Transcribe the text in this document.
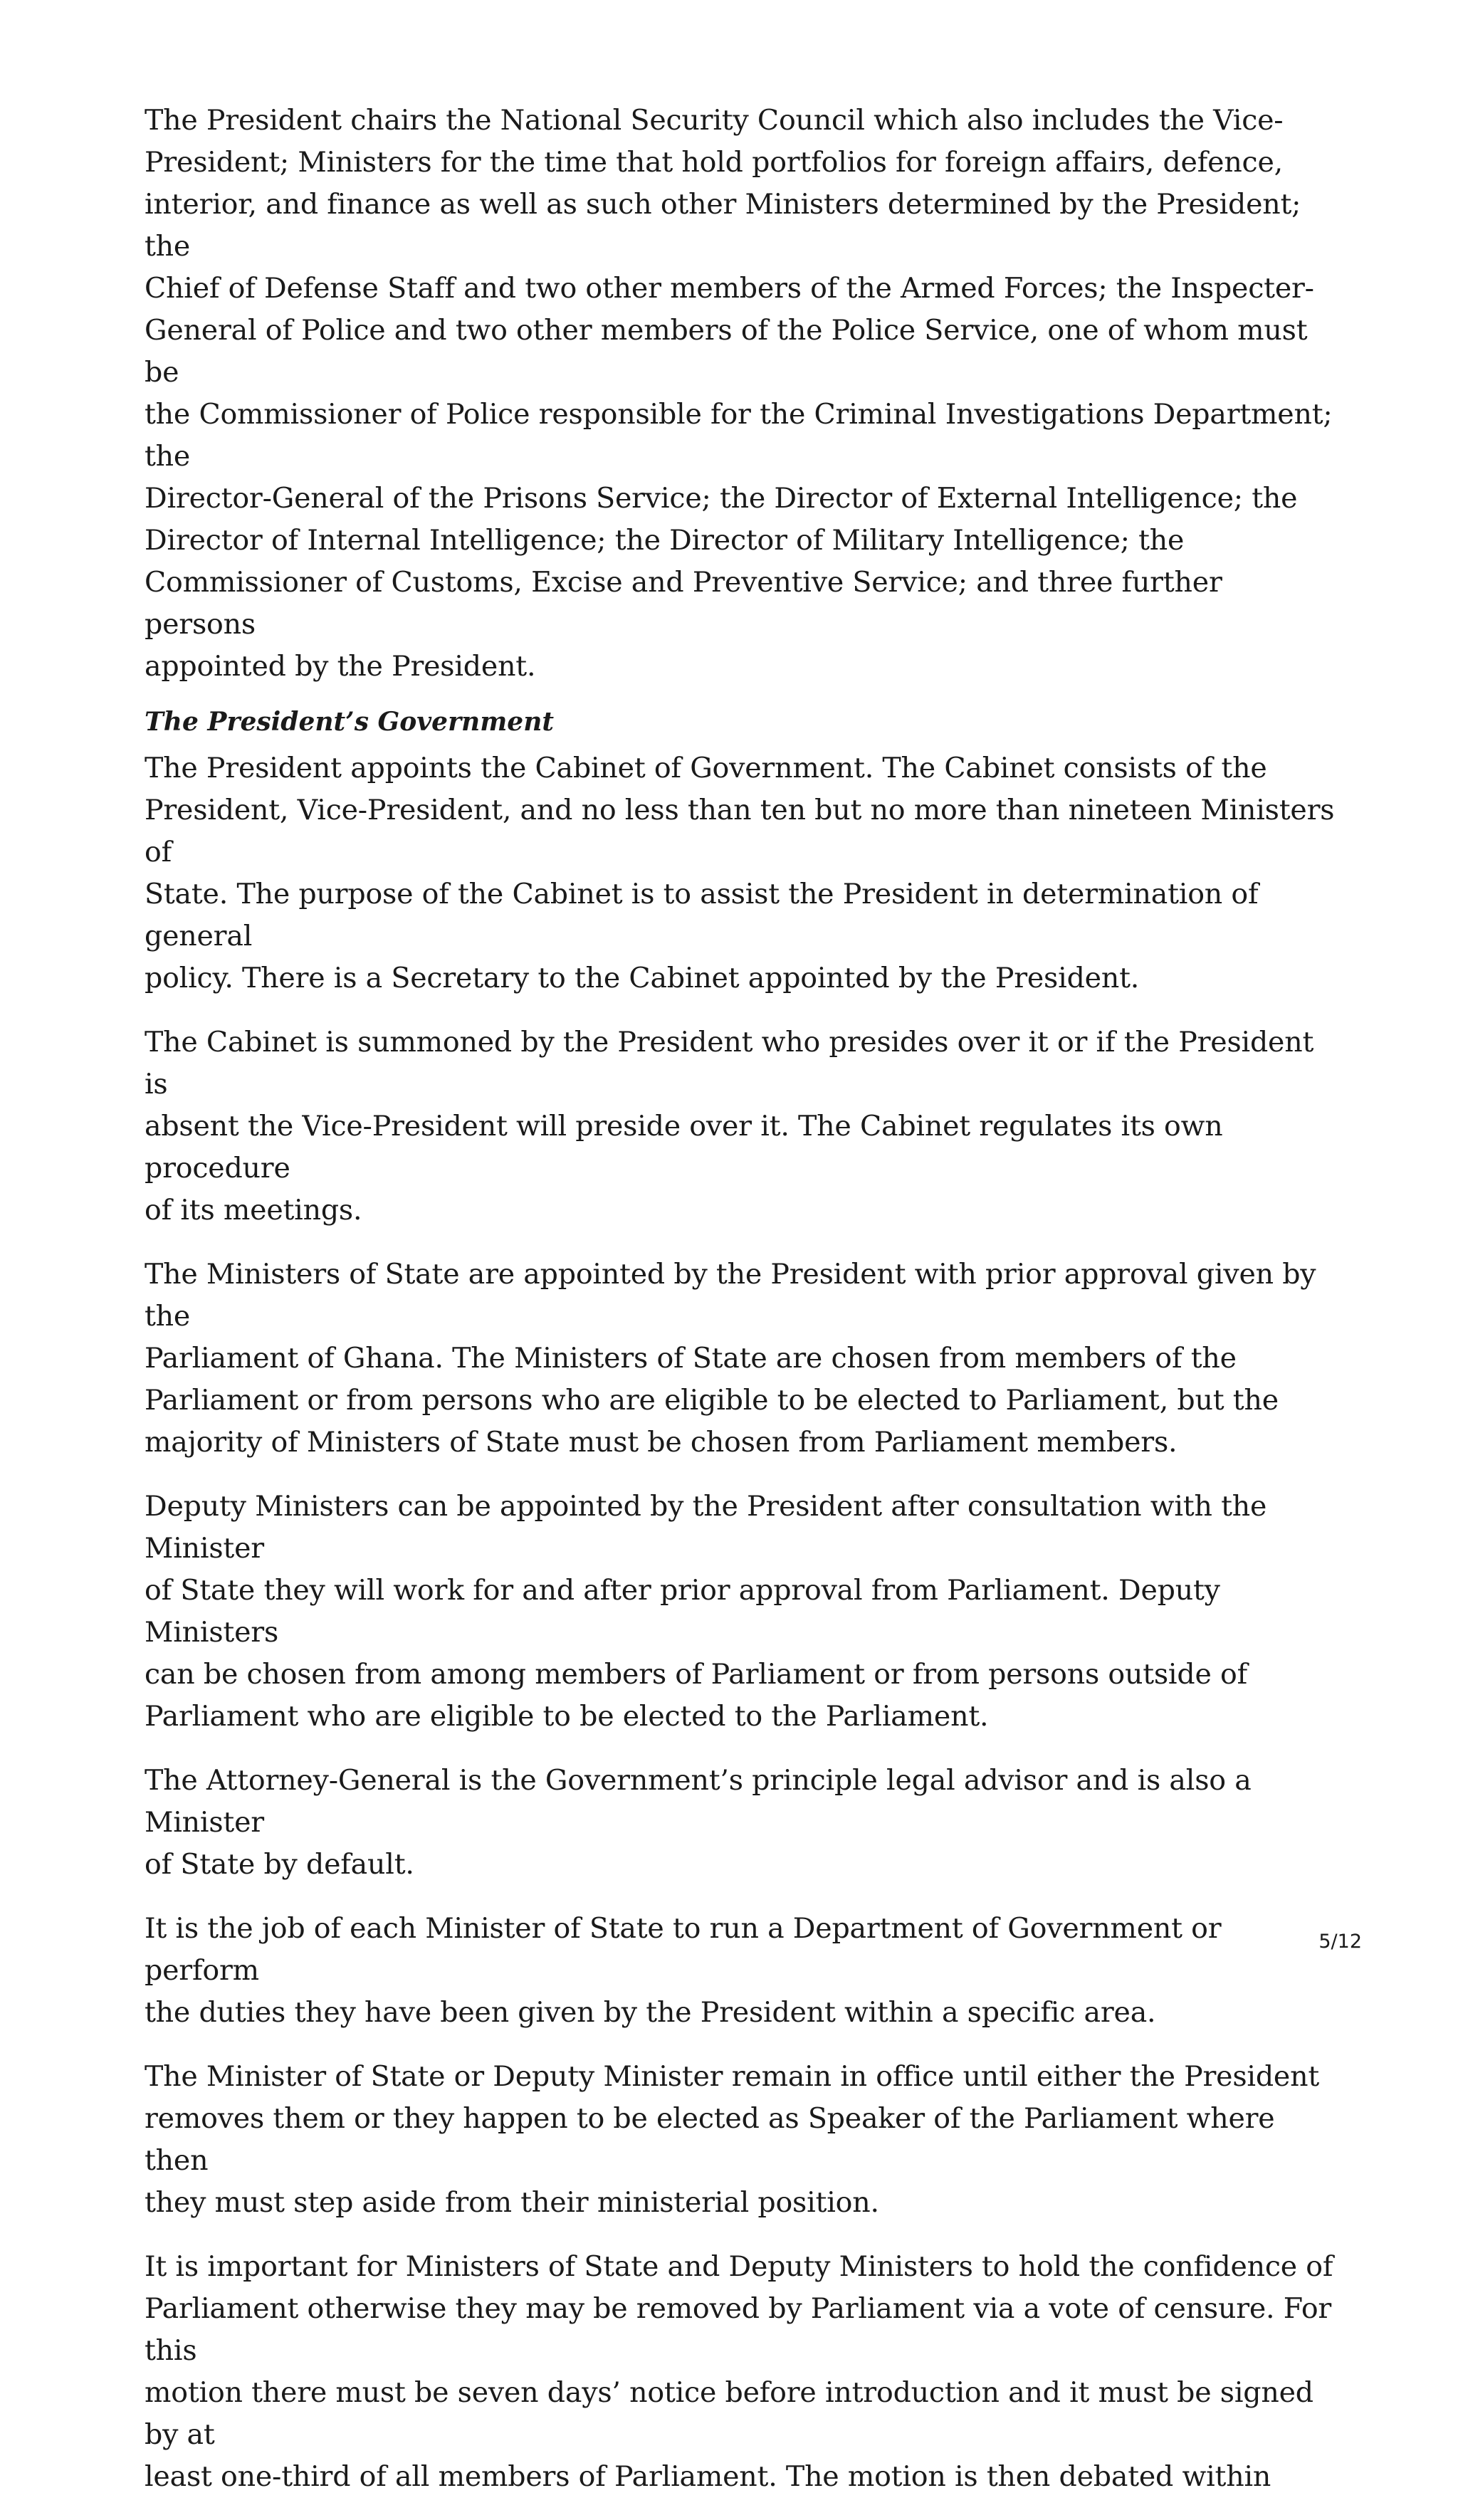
The President chairs the National Security Council which also includes the Vice-
President; Ministers for the time that hold portfolios for foreign affairs, defence,
interior, and finance as well as such other Ministers determined by the President; the
Chief of Defense Staff and two other members of the Armed Forces; the Inspecter-
General of Police and two other members of the Police Service, one of whom must be
the Commissioner of Police responsible for the Criminal Investigations Department; the
Director-General of the Prisons Service; the Director of External Intelligence; the
Director of Internal Intelligence; the Director of Military Intelligence; the
Commissioner of Customs, Excise and Preventive Service; and three further persons
appointed by the President.

The President’s Government

The President appoints the Cabinet of Government. The Cabinet consists of the
President, Vice-President, and no less than ten but no more than nineteen Ministers of
State. The purpose of the Cabinet is to assist the President in determination of general
policy. There is a Secretary to the Cabinet appointed by the President.

The Cabinet is summoned by the President who presides over it or if the President is
absent the Vice-President will preside over it. The Cabinet regulates its own procedure
of its meetings.

The Ministers of State are appointed by the President with prior approval given by the
Parliament of Ghana. The Ministers of State are chosen from members of the
Parliament or from persons who are eligible to be elected to Parliament, but the
majority of Ministers of State must be chosen from Parliament members.

Deputy Ministers can be appointed by the President after consultation with the Minister
of State they will work for and after prior approval from Parliament. Deputy Ministers
can be chosen from among members of Parliament or from persons outside of
Parliament who are eligible to be elected to the Parliament.

The Attorney-General is the Government’s principle legal advisor and is also a Minister
of State by default.

It is the job of each Minister of State to run a Department of Government or perform
the duties they have been given by the President within a specific area.

The Minister of State or Deputy Minister remain in office until either the President
removes them or they happen to be elected as Speaker of the Parliament where then
they must step aside from their ministerial position.

It is important for Ministers of State and Deputy Ministers to hold the confidence of
Parliament otherwise they may be removed by Parliament via a vote of censure. For this
motion there must be seven days’ notice before introduction and it must be signed by at
least one-third of all members of Parliament. The motion is then debated within

5/12
